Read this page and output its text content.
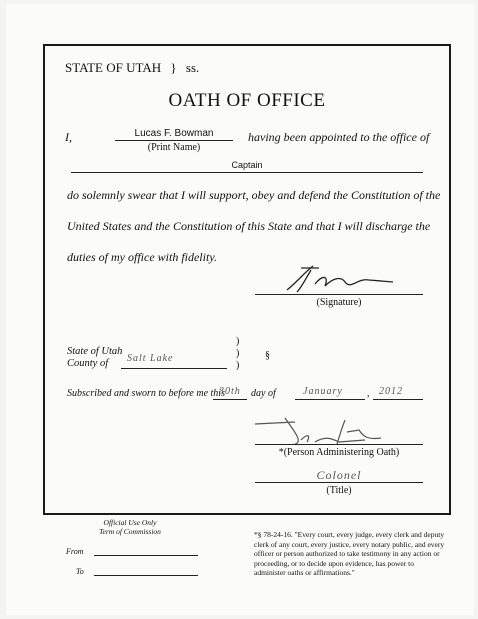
STATE OF UTAH } ss.
OATH OF OFFICE
I,	Lucas F. Bowman
(Print Name)
having been appointed to the office of
Captain
do solemnly swear that I will support, obey and defend the Constitution of the
United States and the Constitution of this State and that I will discharge the
duties of my office with fidelity.
(Signature)
State of Utah
County of Salt Lake
)
)
)
§
Subscribed and sworn to before me this
30th day of	January , 2012
*(Person Administering Oath)
Colonel
(Title)
Official Use Only
Term of Commission
From
To
*§ 78-24-16. "Every court, every judge, every clerk and deputy clerk of any court, every justice, every notary public, and every officer or person authorized to take testimony in any action or proceeding, or to decide upon evidence, has power to administer oaths or affirmations."
